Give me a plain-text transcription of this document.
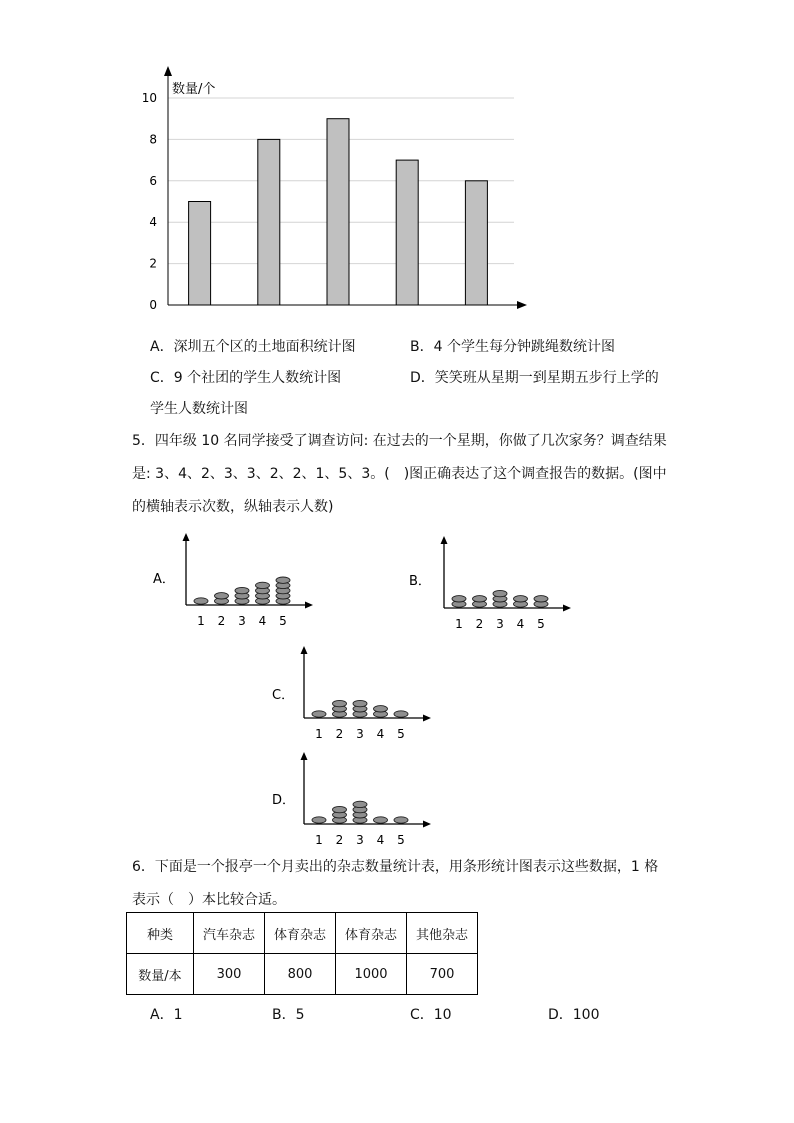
0
2
4
6
8
10
数量/个
A．深圳五个区的土地面积统计图	B．4 个学生每分钟跳绳数统计图
C．9 个社团的学生人数统计图	D．笑笑班从星期一到星期五步行上学的
学生人数统计图
5．四年级 10 名同学接受了调查访问: 在过去的一个星期，你做了几次家务？调查结果
是: 3、4、2、3、3、2、2、1、5、3。(　)图正确表达了这个调查报告的数据。(图中
的横轴表示次数，纵轴表示人数)
A．
1 2 3 4 5
B．
1 2 3 4 5
C．
1 2 3 4 5
D．
1 2 3 4 5
6．下面是一个报亭一个月卖出的杂志数量统计表，用条形统计图表示这些数据，1 格
表示（　）本比较合适。
种类	汽车杂志	体育杂志	体育杂志	其他杂志
数量/本	300	800	1000	700
A．1	B．5	C．10	D．100
